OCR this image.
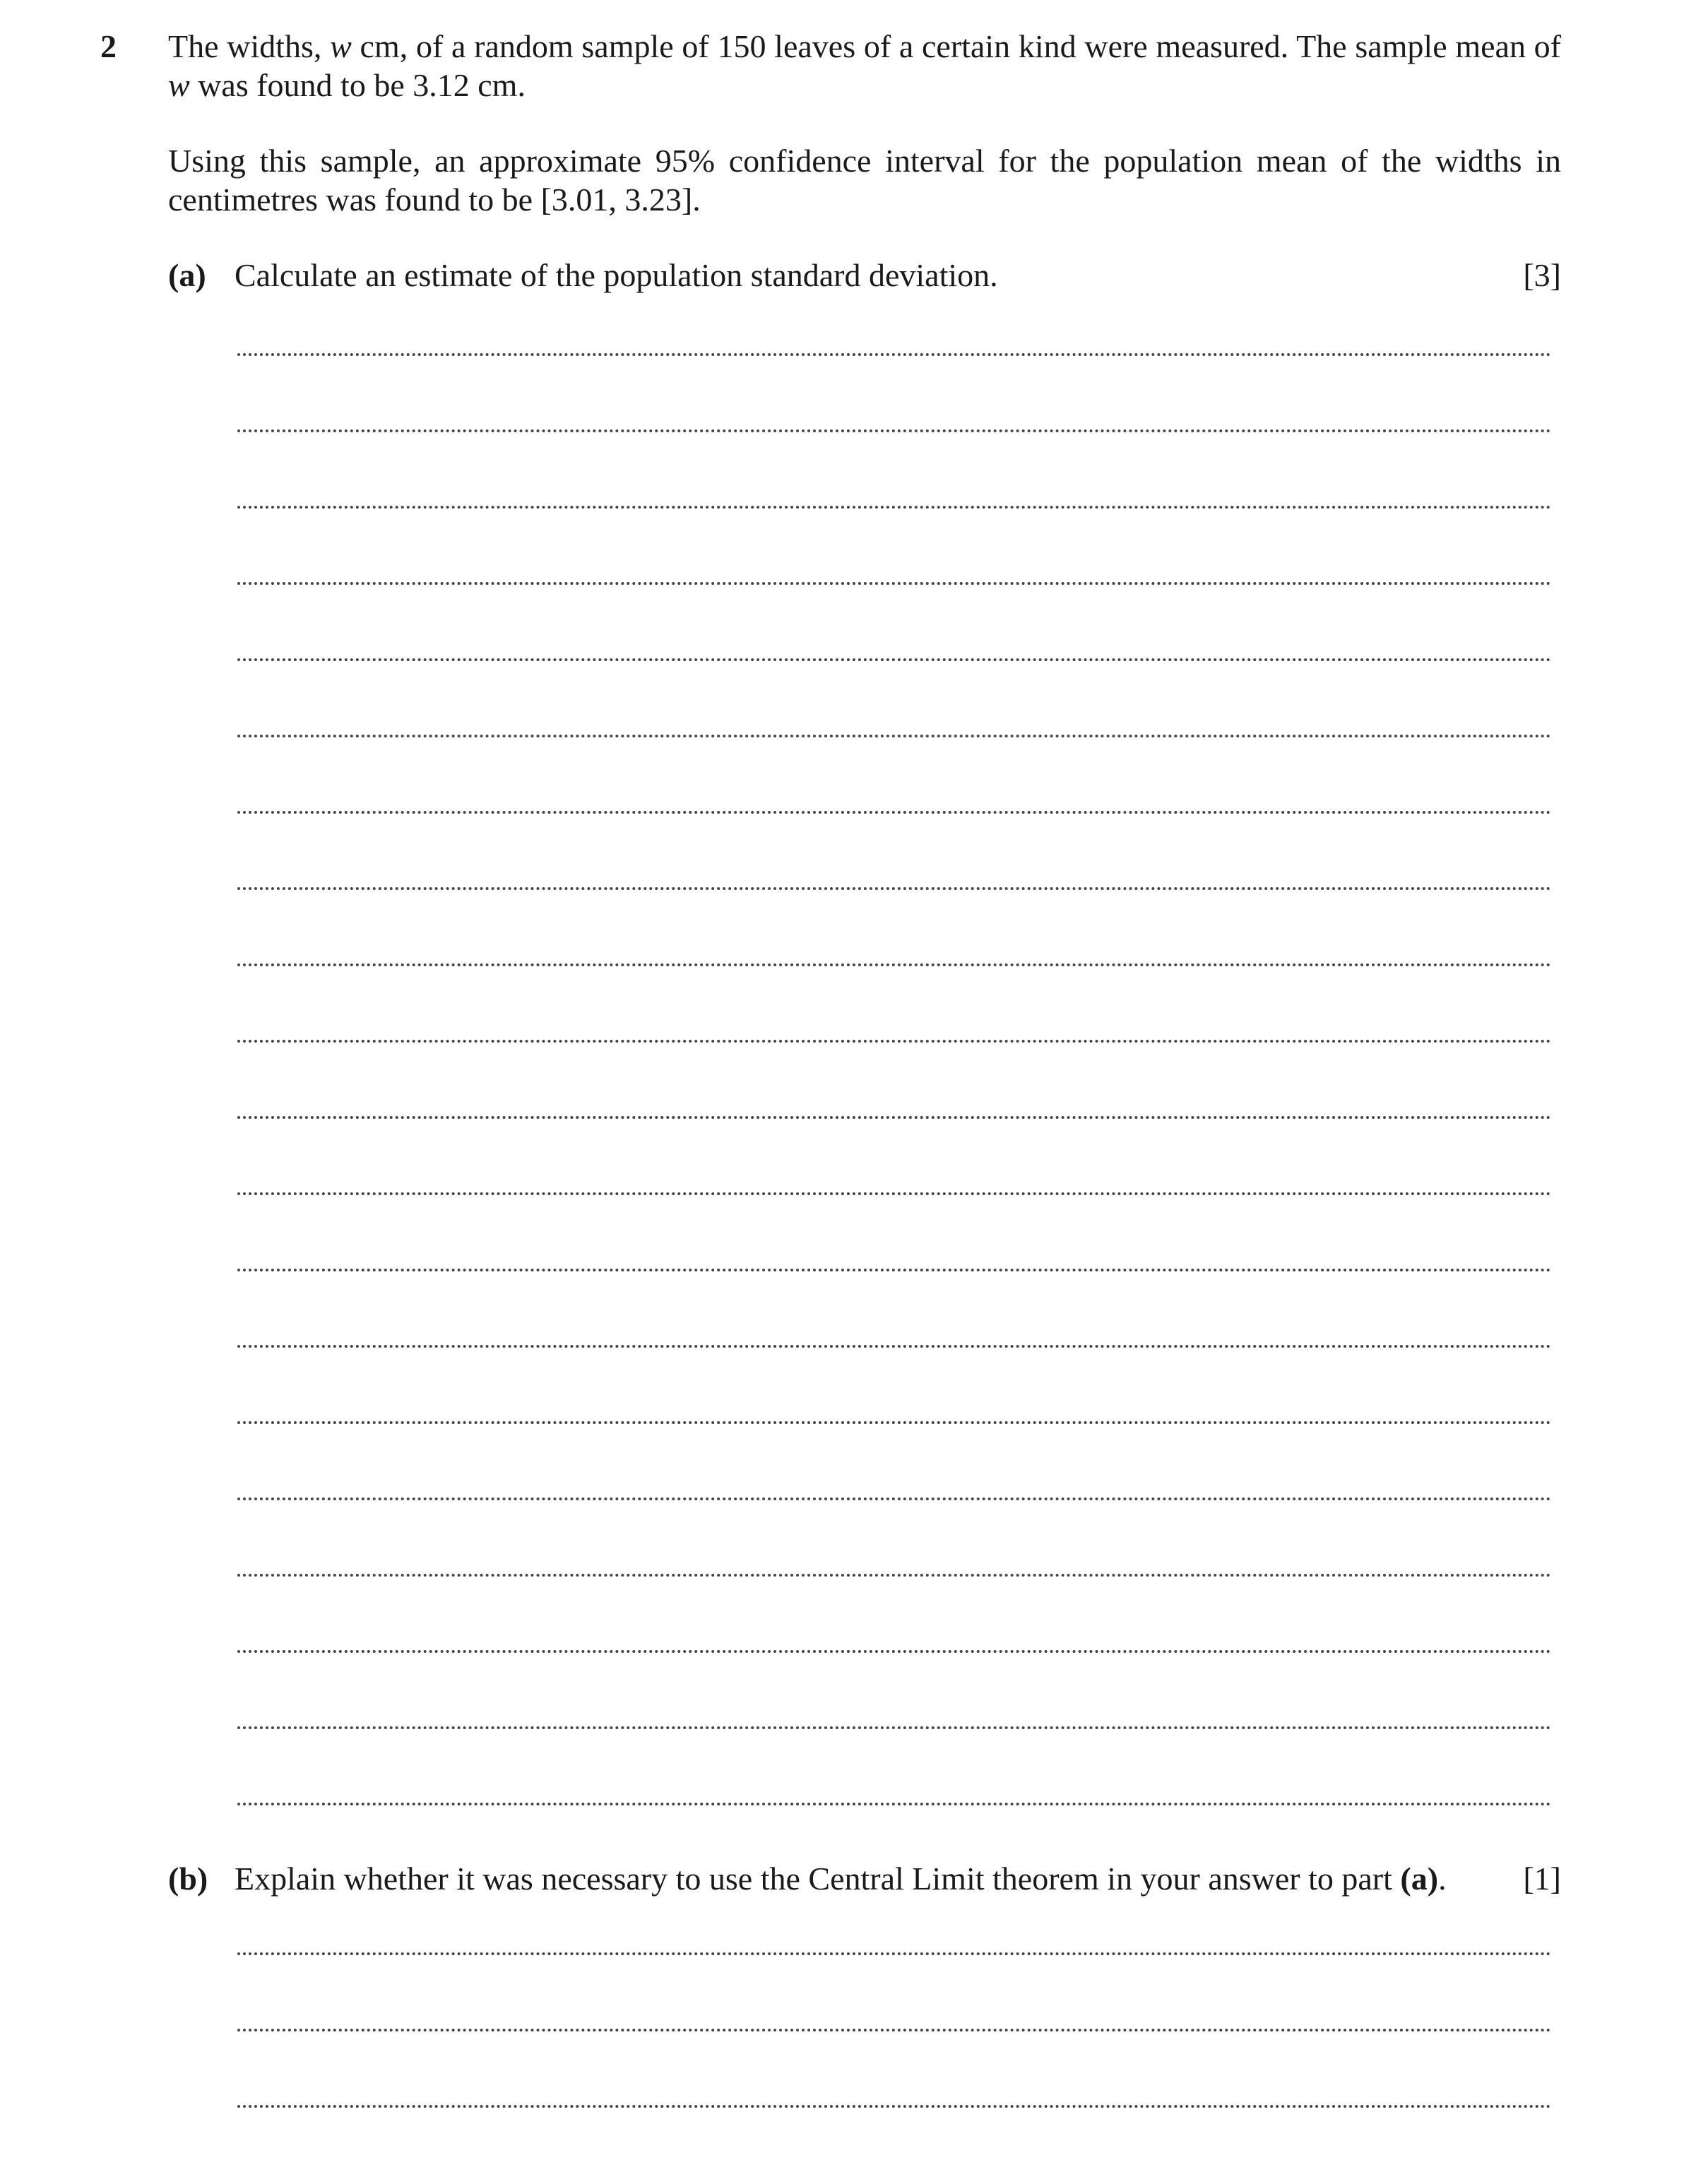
2 The widths, w cm, of a random sample of 150 leaves of a certain kind were measured. The sample mean of w was found to be 3.12 cm.
Using this sample, an approximate 95% confidence interval for the population mean of the widths in centimetres was found to be [3.01, 3.23].
(a) Calculate an estimate of the population standard deviation.	[3]
(b) Explain whether it was necessary to use the Central Limit theorem in your answer to part (a). [1]
